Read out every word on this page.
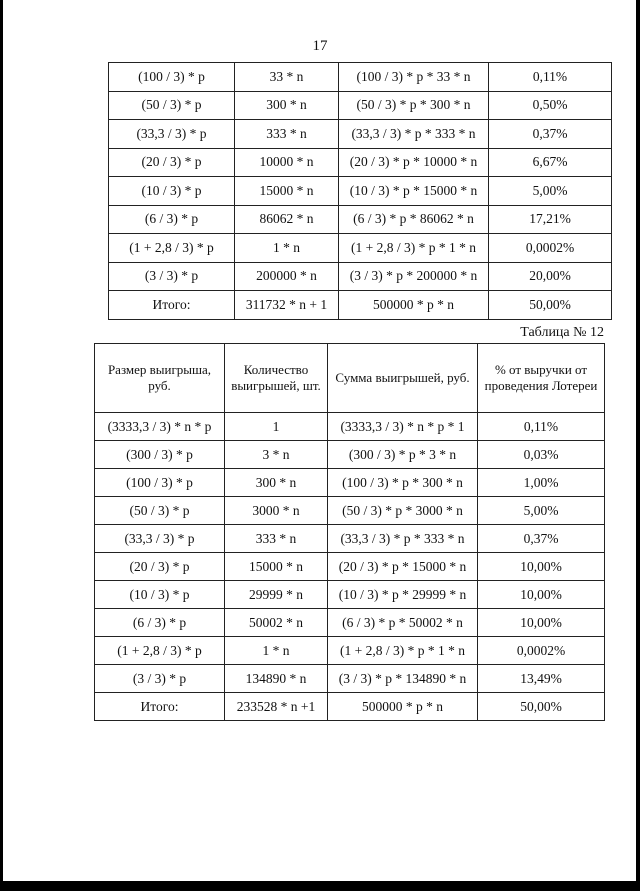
17
(100 / 3) * p	33 * n	(100 / 3) * p * 33 * n	0,11%
(50 / 3) * p	300 * n	(50 / 3) * p * 300 * n	0,50%
(33,3 / 3) * p	333 * n	(33,3 / 3) * p * 333 * n	0,37%
(20 / 3) * p	10000 * n	(20 / 3) * p * 10000 * n	6,67%
(10 / 3) * p	15000 * n	(10 / 3) * p * 15000 * n	5,00%
(6 / 3) * p	86062 * n	(6 / 3) * p * 86062 * n	17,21%
(1 + 2,8 / 3) * p	1 * n	(1 + 2,8 / 3) * p * 1 * n	0,0002%
(3 / 3) * p	200000 * n	(3 / 3) * p * 200000 * n	20,00%
Итого:	311732 * n + 1	500000 * p * n	50,00%
Таблица № 12
Размер выигрыша, руб.	Количество выигрышей, шт.	Сумма выигрышей, руб.	% от выручки от проведения Лотереи
(3333,3 / 3) * n * p	1	(3333,3 / 3) * n * p * 1	0,11%
(300 / 3) * p	3 * n	(300 / 3) * p * 3 * n	0,03%
(100 / 3) * p	300 * n	(100 / 3) * p * 300 * n	1,00%
(50 / 3) * p	3000 * n	(50 / 3) * p * 3000 * n	5,00%
(33,3 / 3) * p	333 * n	(33,3 / 3) * p * 333 * n	0,37%
(20 / 3) * p	15000 * n	(20 / 3) * p * 15000 * n	10,00%
(10 / 3) * p	29999 * n	(10 / 3) * p * 29999 * n	10,00%
(6 / 3) * p	50002 * n	(6 / 3) * p * 50002 * n	10,00%
(1 + 2,8 / 3) * p	1 * n	(1 + 2,8 / 3) * p * 1 * n	0,0002%
(3 / 3) * p	134890 * n	(3 / 3) * p * 134890 * n	13,49%
Итого:	233528 * n +1	500000 * p * n	50,00%
